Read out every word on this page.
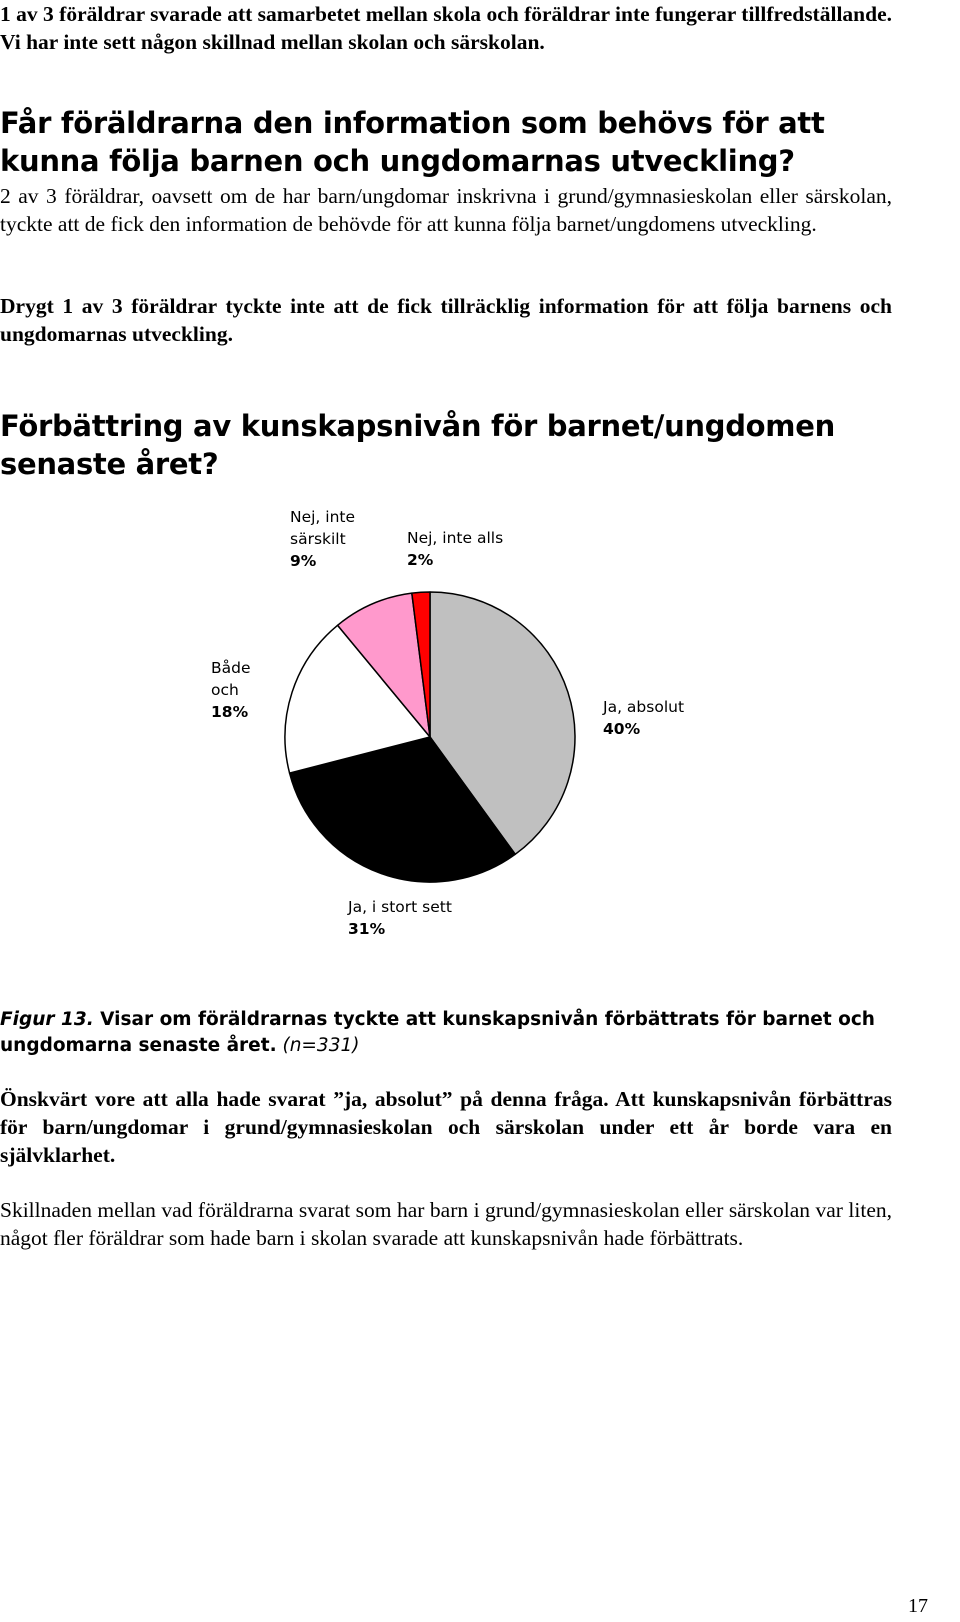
1 av 3 föräldrar svarade att samarbetet mellan skola och föräldrar inte fungerar tillfredställande. Vi har inte sett någon skillnad mellan skolan och särskolan.
Får föräldrarna den information som behövs för att kunna följa barnen och ungdomarnas utveckling?
2 av 3 föräldrar, oavsett om de har barn/ungdomar inskrivna i grund/gymnasieskolan eller särskolan, tyckte att de fick den information de behövde för att kunna följa barnet/ungdomens utveckling.
Drygt 1 av 3 föräldrar tyckte inte att de fick tillräcklig information för att följa barnens och ungdomarnas utveckling.
Förbättring av kunskapsnivån för barnet/ungdomen senaste året?
Ja, absolut
40%
Ja, i stort sett
31%
Både
och
18%
Nej, inte
särskilt
9%
Nej, inte alls
2%
Figur 13. Visar om föräldrarnas tyckte att kunskapsnivån förbättrats för barnet och ungdomarna senaste året. (n=331)
Önskvärt vore att alla hade svarat ”ja, absolut” på denna fråga. Att kunskapsnivån förbättras för barn/ungdomar i grund/gymnasieskolan och särskolan under ett år borde vara en självklarhet.
Skillnaden mellan vad föräldrarna svarat som har barn i grund/gymnasieskolan eller särskolan var liten, något fler föräldrar som hade barn i skolan svarade att kunskapsnivån hade förbättrats.
17
